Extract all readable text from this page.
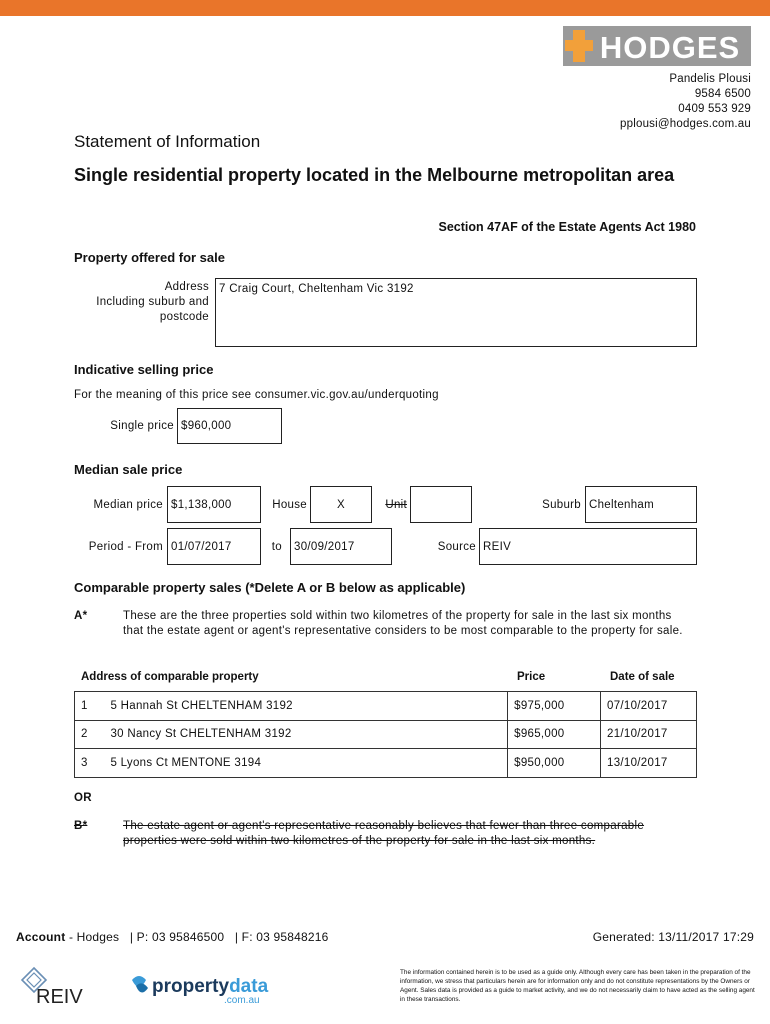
HODGES
Pandelis Plousi
9584 6500
0409 553 929
pplousi@hodges.com.au
Statement of Information
Single residential property located in the Melbourne metropolitan area
Section 47AF of the Estate Agents Act 1980
Property offered for sale
Address
Including suburb and
postcode
7 Craig Court, Cheltenham Vic 3192
Indicative selling price
For the meaning of this price see consumer.vic.gov.au/underquoting
Single price $960,000
Median sale price
Median price $1,138,000	House	X	Unit	Suburb Cheltenham
Period - From 01/07/2017	to	30/09/2017	Source REIV
Comparable property sales (*Delete A or B below as applicable)
A*	These are the three properties sold within two kilometres of the property for sale in the last six months that the estate agent or agent's representative considers to be most comparable to the property for sale.
Address of comparable property	Price	Date of sale
1	5 Hannah St CHELTENHAM 3192	$975,000	07/10/2017
2	30 Nancy St CHELTENHAM 3192	$965,000	21/10/2017
3	5 Lyons Ct MENTONE 3194	$950,000	13/10/2017
OR
B*	The estate agent or agent's representative reasonably believes that fewer than three comparable properties were sold within two kilometres of the property for sale in the last six months.
Account - Hodges   | P: 03 95846500   | F: 03 95848216	Generated: 13/11/2017 17:29
REIV	propertydata
.com.au
The information contained herein is to be used as a guide only. Although every care has been taken in the preparation of the information, we stress that particulars herein are for information only and do not constitute representations by the Owners or Agent. Sales data is provided as a guide to market activity, and we do not necessarily claim to have acted as the selling agent in these transactions.
